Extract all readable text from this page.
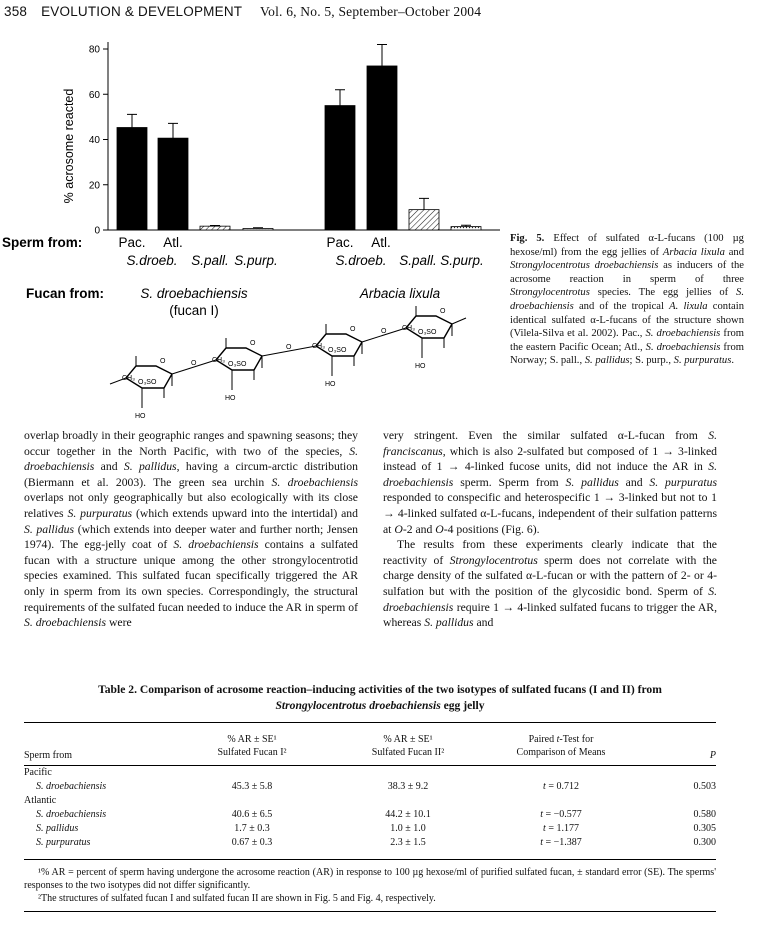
358 EVOLUTION & DEVELOPMENT Vol. 6, No. 5, September–October 2004
% acrosome reacted
0
20
40
60
80
Sperm from:	Pac. Atl.
S.droeb. S.pall. S.purp.
Pac. Atl.
S.droeb. S.pall. S.purp.
Fucan from:	S. droebachiensis
(fucan I)
Arbacia lixula
CH₃
O₃SO
HO
O	O CH₃
O₃SO
HO
O
O	CH₃
O₃SO
HO
O	O CH₃
O₃SO
HO
O
Fig. 5. Effect of sulfated α-L-fucans (100 µg hexose/ml) from the egg jellies of Arbacia lixula and Strongylocentrotus droebachiensis as inducers of the acrosome reaction in sperm of three Strongylocentrotus species. The egg jellies of S. droebachiensis and of the tropical A. lixula contain identical sulfated α-L-fucans of the structure shown (Vilela-Silva et al. 2002). Pac., S. droebachiensis from the eastern Pacific Ocean; Atl., S. droebachiensis from Norway; S. pall., S. pallidus; S. purp., S. purpuratus.

overlap broadly in their geographic ranges and spawning seasons; they occur together in the North Pacific, with two of the species, S. droebachiensis and S. pallidus, having a circum-arctic distribution (Biermann et al. 2003). The green sea urchin S. droebachiensis overlaps not only geographically but also ecologically with its close relatives S. purpuratus (which extends upward into the intertidal) and S. pallidus (which extends into deeper water and further north; Jensen 1974). The egg-jelly coat of S. droebachiensis contains a sulfated fucan with a structure unique among the other strongylocentrotid species examined. This sulfated fucan specifically triggered the AR only in sperm from its own species. Correspondingly, the structural requirements of the sulfated fucan needed to induce the AR in sperm of S. droebachiensis were

very stringent. Even the similar sulfated α-L-fucan from S. franciscanus, which is also 2-sulfated but composed of 1 → 3-linked instead of 1 → 4-linked fucose units, did not induce the AR in S. droebachiensis sperm. Sperm from S. pallidus and S. purpuratus responded to conspecific and heterospecific 1 → 3-linked but not to 1 → 4-linked sulfated α-L-fucans, independent of their sulfation patterns at O-2 and O-4 positions (Fig. 6).

The results from these experiments clearly indicate that the reactivity of Strongylocentrotus sperm does not correlate with the charge density of the sulfated α-L-fucan or with the pattern of 2- or 4-sulfation but with the position of the glycosidic bond. Sperm of S. droebachiensis require 1 → 4-linked sulfated fucans to trigger the AR, whereas S. pallidus and

Table 2. Comparison of acrosome reaction–inducing activities of the two isotypes of sulfated fucans (I and II) from
Strongylocentrotus droebachiensis egg jelly
	% AR ± SE¹	% AR ± SE¹	Paired t-Test for	
Sperm from	Sulfated Fucan I²	Sulfated Fucan II²	Comparison of Means	P
Pacific				
S. droebachiensis	45.3 ± 5.8	38.3 ± 9.2	t = 0.712	0.503
Atlantic				
S. droebachiensis	40.6 ± 6.5	44.2 ± 10.1	t = −0.577	0.580
S. pallidus	1.7 ± 0.3	1.0 ± 1.0	t = 1.177	0.305
S. purpuratus	0.67 ± 0.3	2.3 ± 1.5	t = −1.387	0.300
¹% AR = percent of sperm having undergone the acrosome reaction (AR) in response to 100 µg hexose/ml of purified sulfated fucan, ± standard error (SE). The sperms' responses to the two isotypes did not differ significantly.
²The structures of sulfated fucan I and sulfated fucan II are shown in Fig. 5 and Fig. 4, respectively.
